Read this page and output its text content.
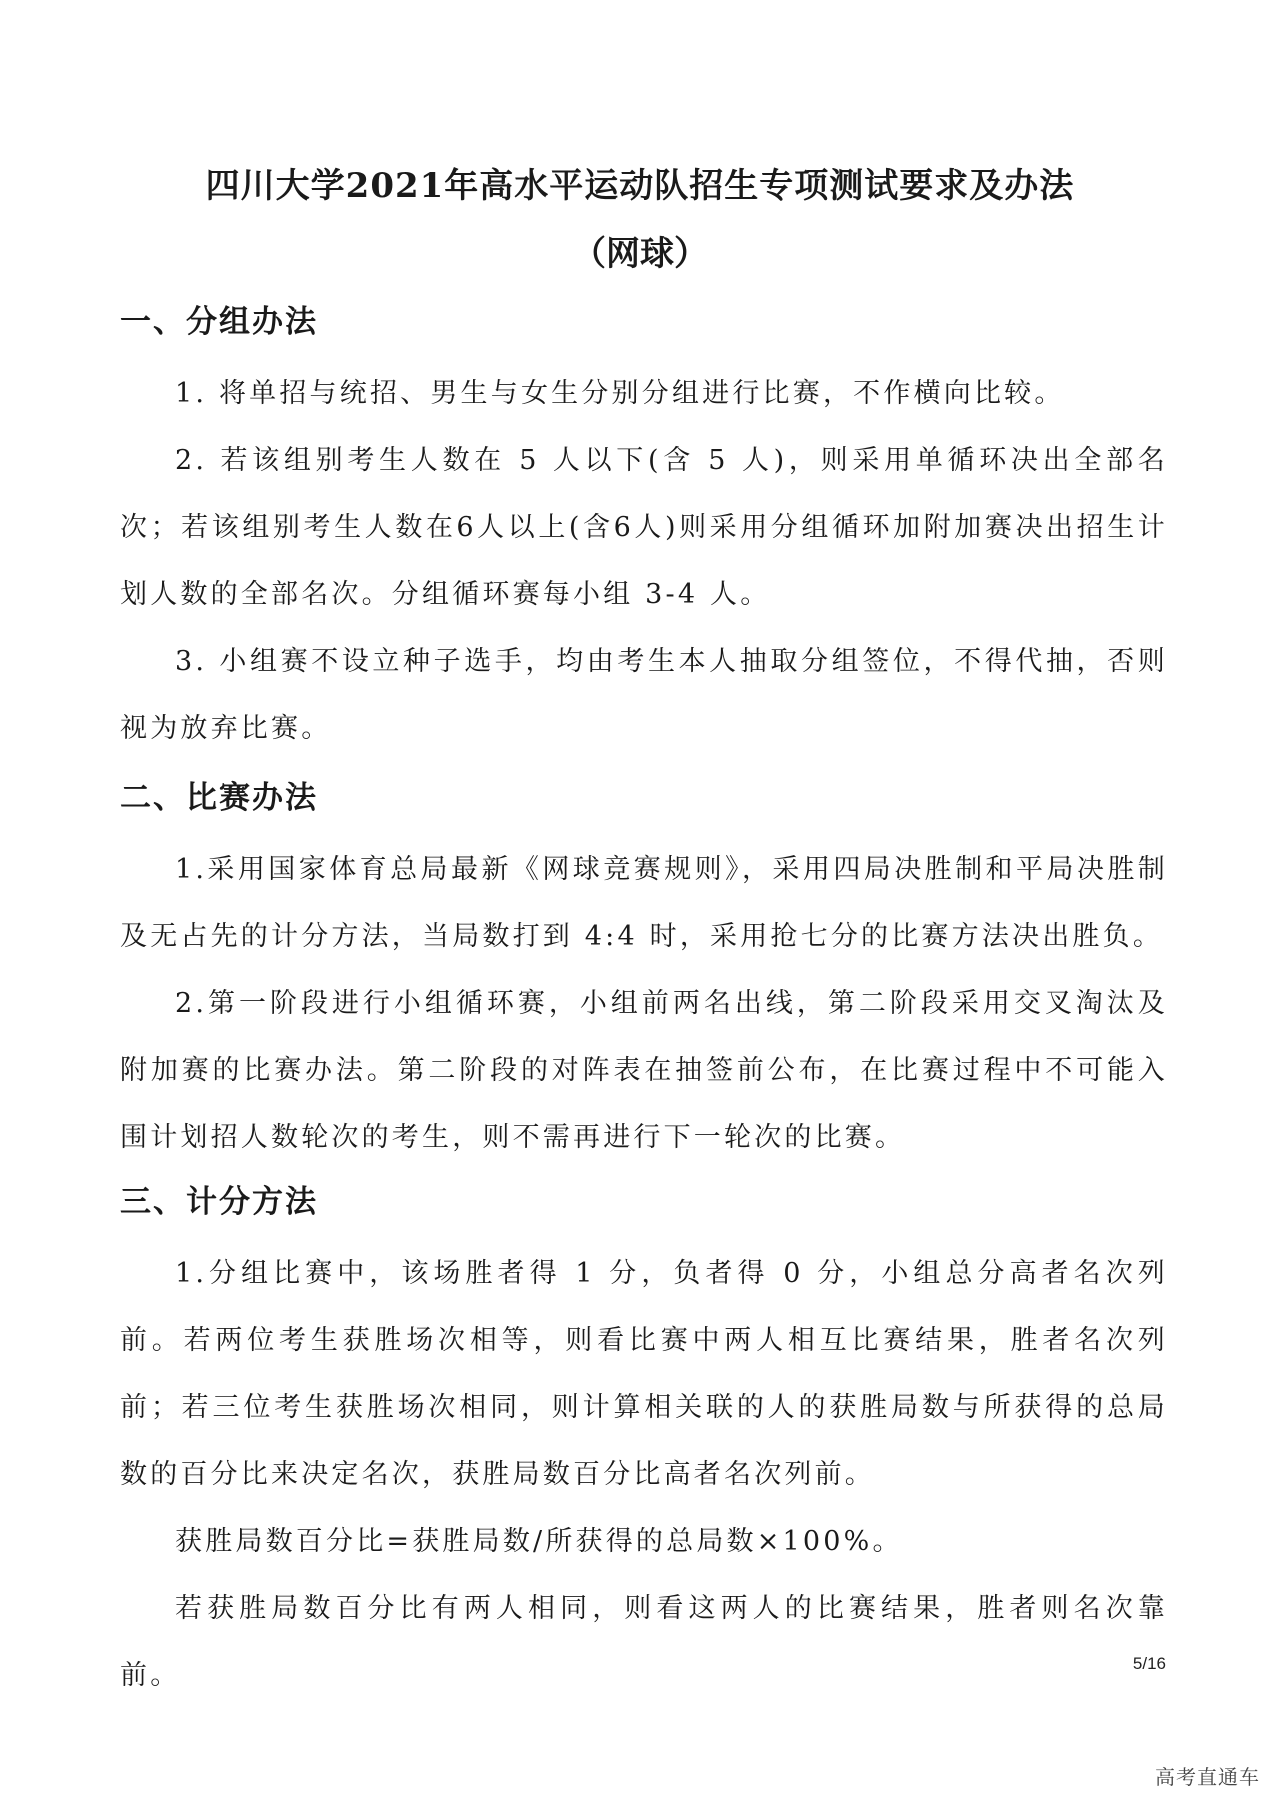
四川大学2021年高水平运动队招生专项测试要求及办法
（网球）
一、分组办法
1. 将单招与统招、男生与女生分别分组进行比赛，不作横向比较。
2. 若该组别考生人数在 5 人以下(含 5 人)，则采用单循环决出全部名次；若该组别考生人数在6人以上(含6人)则采用分组循环加附加赛决出招生计划人数的全部名次。分组循环赛每小组 3-4 人。
3. 小组赛不设立种子选手，均由考生本人抽取分组签位，不得代抽，否则视为放弃比赛。
二、比赛办法
1.采用国家体育总局最新《网球竞赛规则》，采用四局决胜制和平局决胜制及无占先的计分方法，当局数打到 4:4 时，采用抢七分的比赛方法决出胜负。
2.第一阶段进行小组循环赛，小组前两名出线，第二阶段采用交叉淘汰及附加赛的比赛办法。第二阶段的对阵表在抽签前公布，在比赛过程中不可能入围计划招人数轮次的考生，则不需再进行下一轮次的比赛。
三、计分方法
1.分组比赛中，该场胜者得 1 分，负者得 0 分，小组总分高者名次列前。若两位考生获胜场次相等，则看比赛中两人相互比赛结果，胜者名次列前；若三位考生获胜场次相同，则计算相关联的人的获胜局数与所获得的总局数的百分比来决定名次，获胜局数百分比高者名次列前。
获胜局数百分比=获胜局数/所获得的总局数×100%。
若获胜局数百分比有两人相同，则看这两人的比赛结果，胜者则名次靠前。	5/16
高考直通车
